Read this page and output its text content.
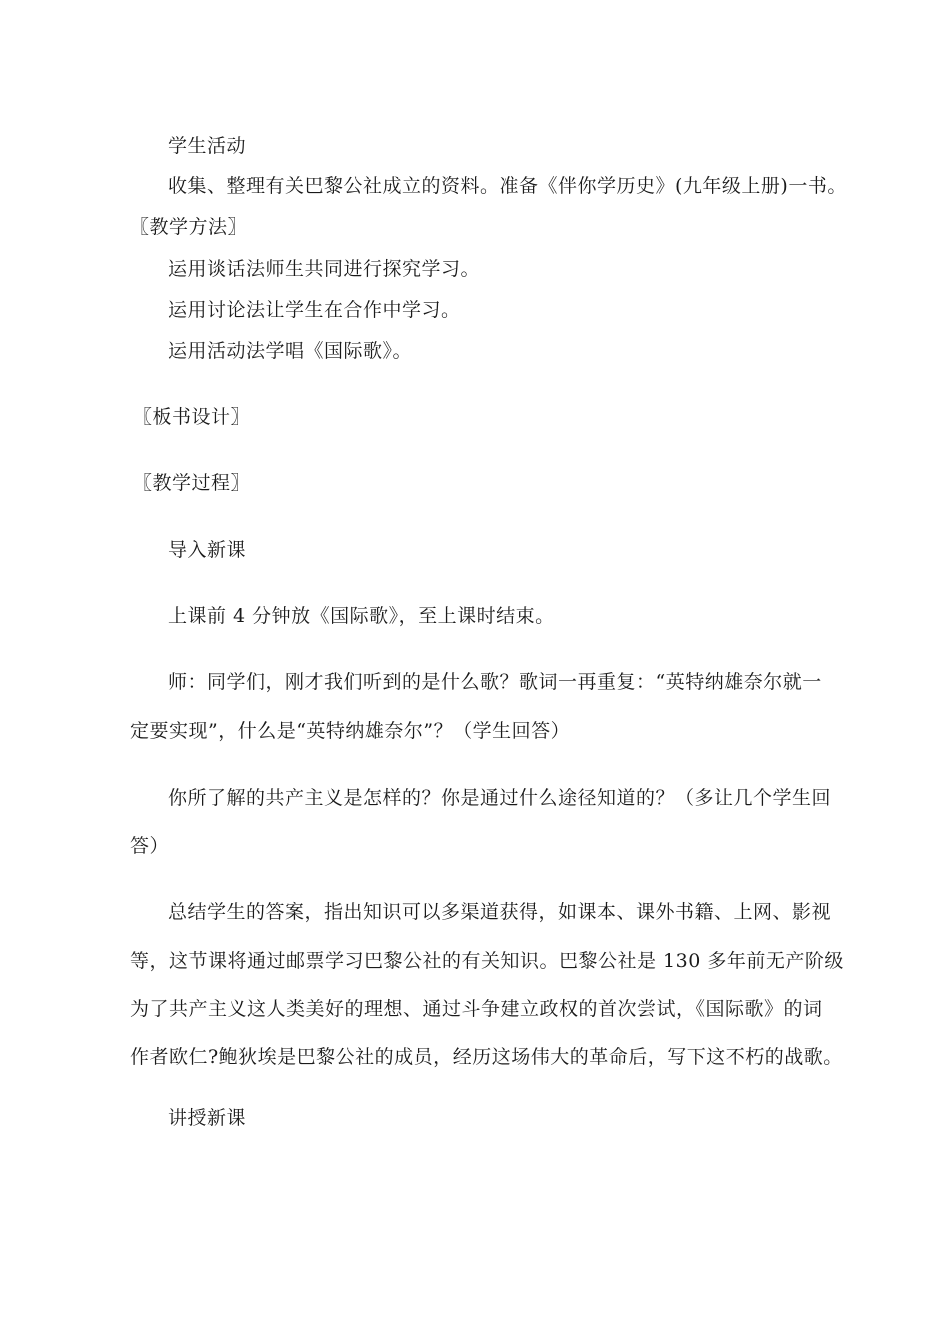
学生活动
收集、整理有关巴黎公社成立的资料。准备《伴你学历史》(九年级上册)一书。
〖教学方法〗
运用谈话法师生共同进行探究学习。
运用讨论法让学生在合作中学习。
运用活动法学唱《国际歌》。
〖板书设计〗
〖教学过程〗
导入新课
上课前 4 分钟放《国际歌》，至上课时结束。
师：同学们，刚才我们听到的是什么歌？歌词一再重复：“英特纳雄奈尔就一
定要实现”，什么是“英特纳雄奈尔”？（学生回答）
你所了解的共产主义是怎样的？你是通过什么途径知道的？（多让几个学生回
答）
总结学生的答案，指出知识可以多渠道获得，如课本、课外书籍、上网、影视
等，这节课将通过邮票学习巴黎公社的有关知识。巴黎公社是 130 多年前无产阶级
为了共产主义这人类美好的理想、通过斗争建立政权的首次尝试，《国际歌》的词
作者欧仁?鲍狄埃是巴黎公社的成员，经历这场伟大的革命后，写下这不朽的战歌。
讲授新课
